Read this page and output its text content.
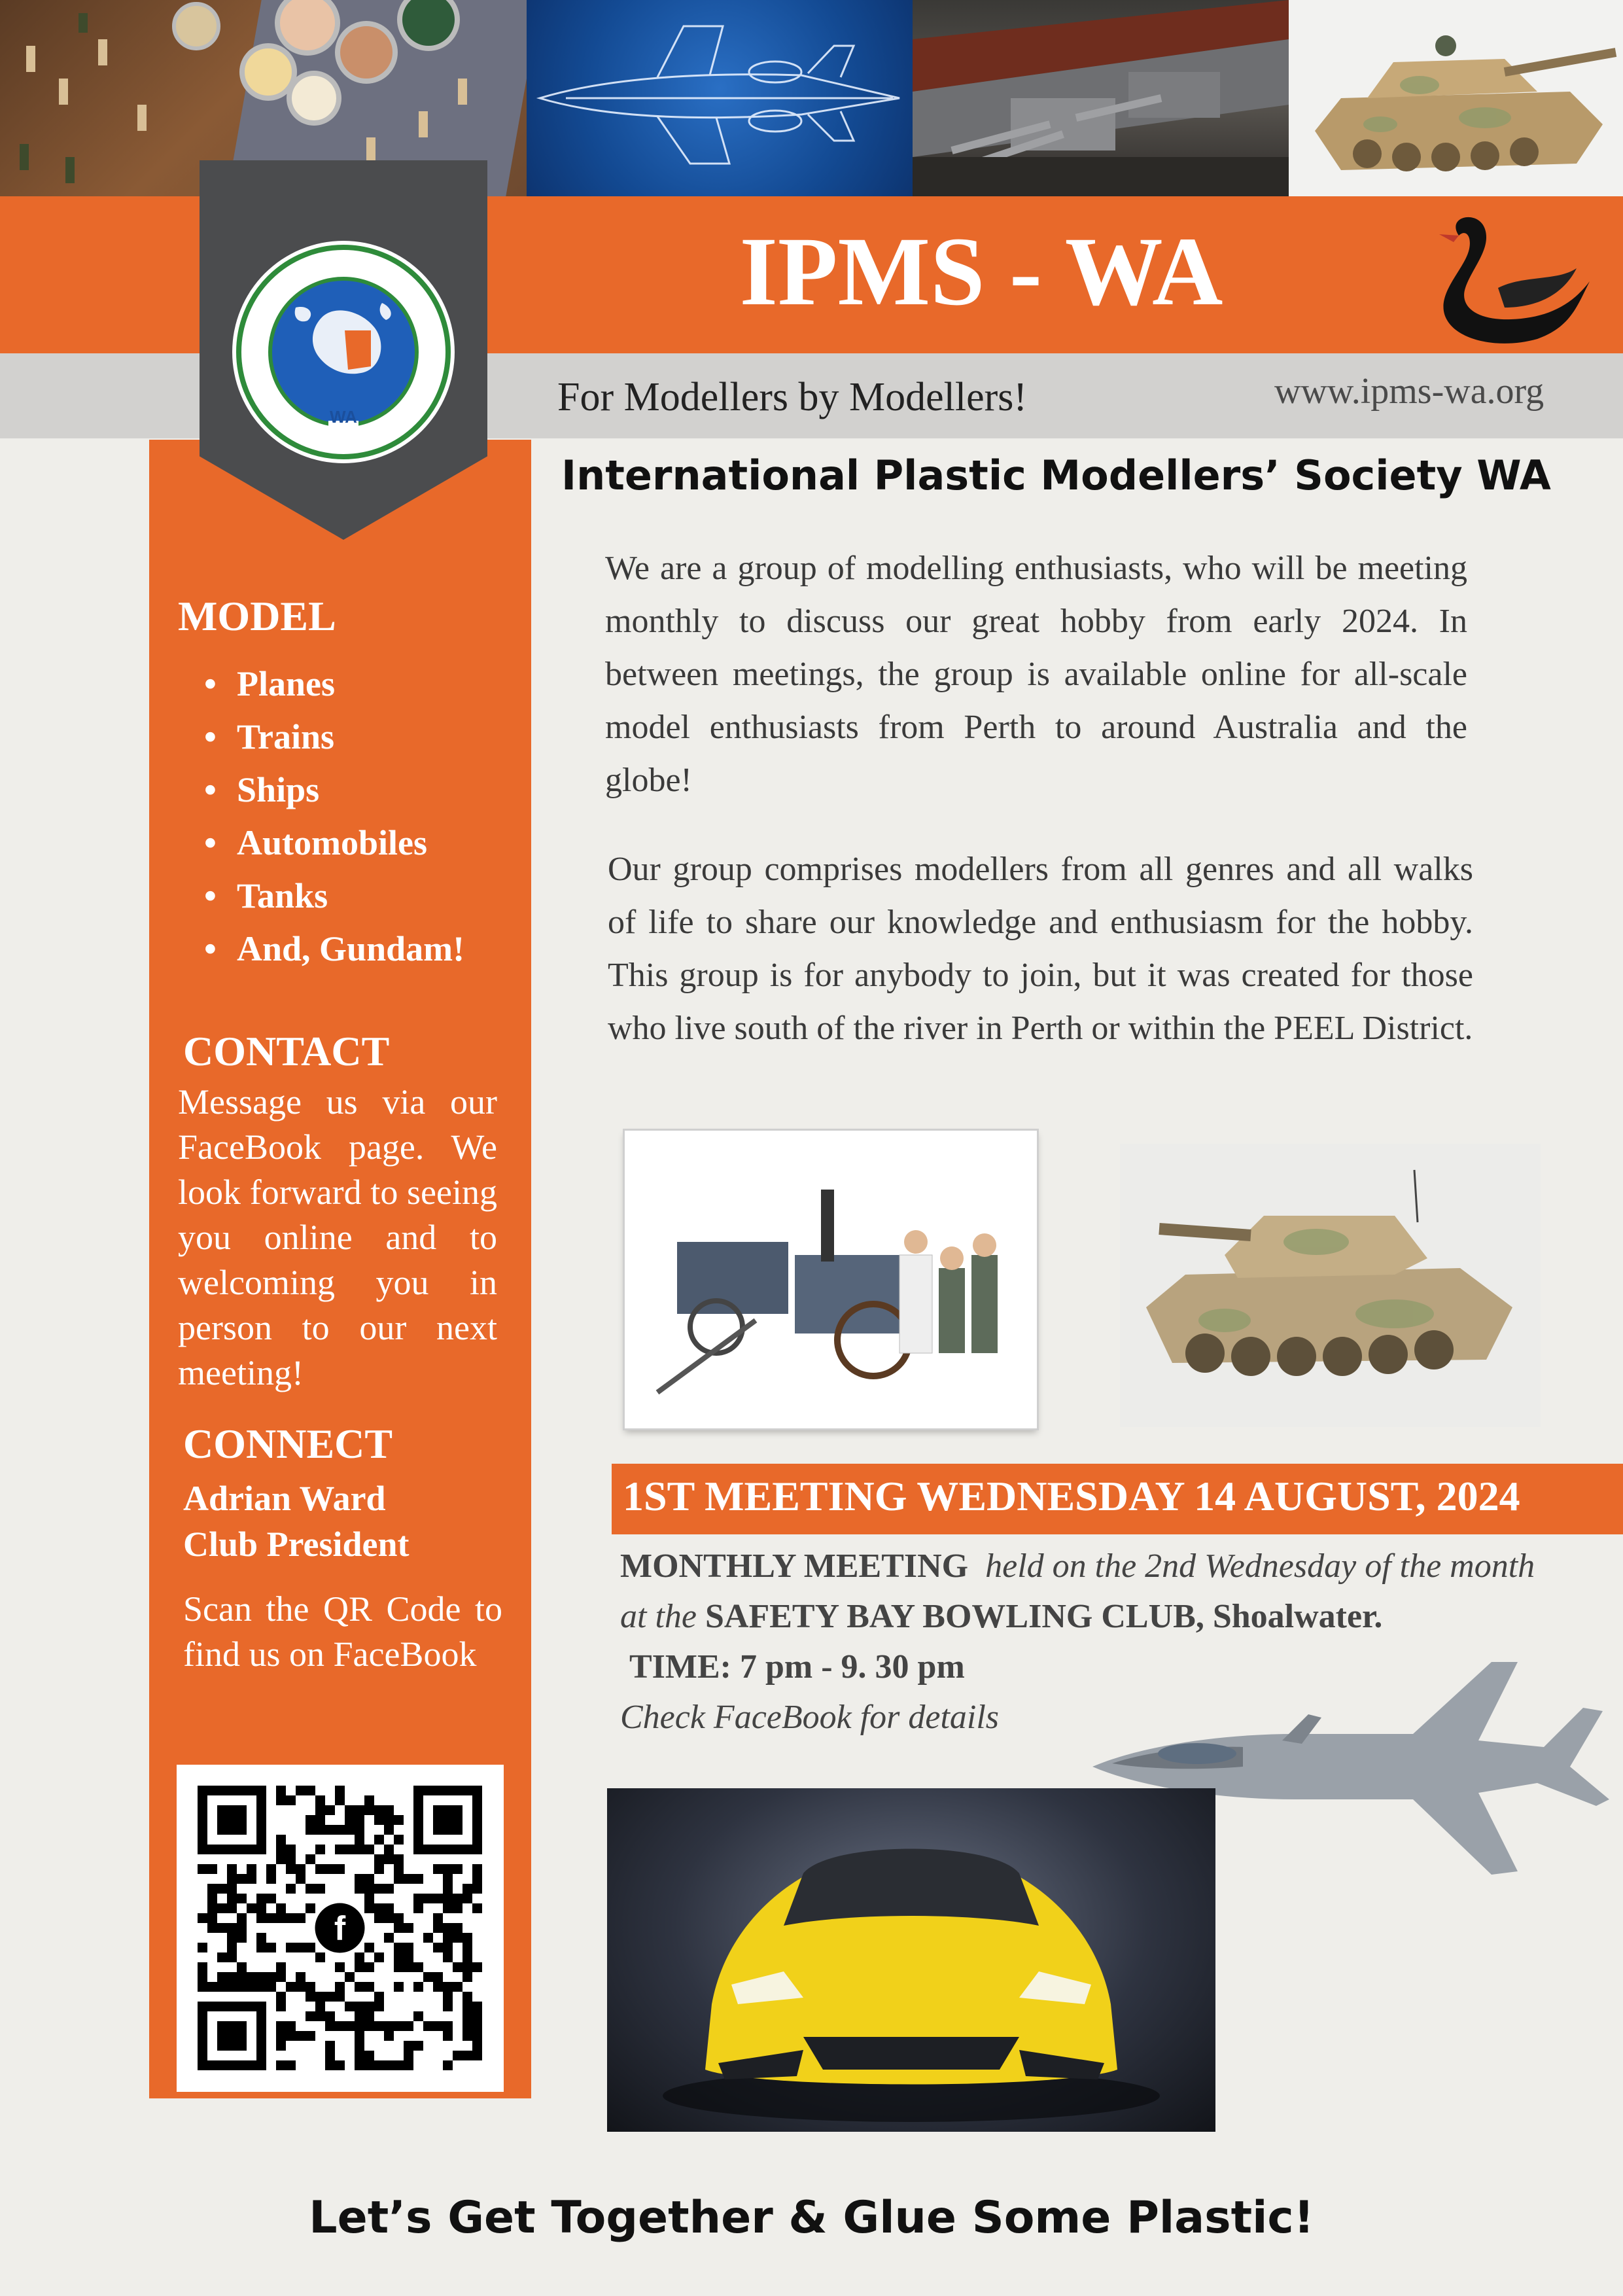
IPMS - WA
For Modellers by Modellers!	www.ipms-wa.org
WA
MODEL
• Planes
• Trains
• Ships
• Automobiles
• Tanks
• And, Gundam!
CONTACT
Message us via our FaceBook page. We look forward to seeing you online and to welcoming you in person to our next meeting!
CONNECT
Adrian Ward
Club President
Scan the QR Code to find us on FaceBook
f
International Plastic Modellers’ Society WA
We are a group of modelling enthusiasts, who will be meeting monthly to discuss our great hobby from early 2024. In between meetings, the group is available online for all-scale model enthusiasts from Perth to around Australia and the globe!
Our group comprises modellers from all genres and all walks of life to share our knowledge and enthusiasm for the hobby. This group is for anybody to join, but it was created for those who live south of the river in Perth or within the PEEL District.
1ST MEETING WEDNESDAY 14 AUGUST, 2024
MONTHLY MEETING held on the 2nd Wednesday of the month
at the SAFETY BAY BOWLING CLUB, Shoalwater.
TIME: 7 pm - 9. 30 pm
Check FaceBook for details
Let’s Get Together & Glue Some Plastic!
